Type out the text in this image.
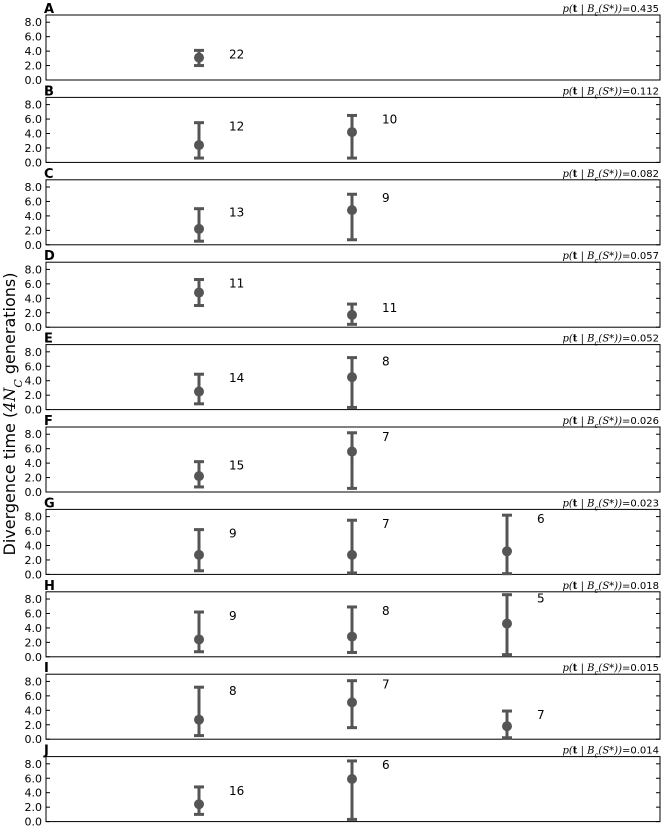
Divergence time ($4N_C$ generations)
A	p(t | $B_c(S*))=0.435$
0.0
2.0
4.0
6.0
8.0
22
B	p(t | $B_c(S*))=0.112$
0.0
2.0
4.0
6.0
8.0
12
10
C	p(t | $B_c(S*))=0.082$
0.0
2.0
4.0
6.0
8.0
13
9
D	p(t | $B_c(S*))=0.057$
0.0
2.0
4.0
6.0
8.0
11
11
E	p(t | $B_c(S*))=0.052$
0.0
2.0
4.0
6.0
8.0
14
8
F	p(t | $B_c(S*))=0.026$
0.0
2.0
4.0
6.0
8.0
15
7
G	p(t | $B_c(S*))=0.023$
0.0
2.0
4.0
6.0
8.0
9
7	6
H	p(t | $B_c(S*))=0.018$
0.0
2.0
4.0
6.0
8.0
9	8
5
I	p(t | $B_c(S*))=0.015$
0.0
2.0
4.0
6.0
8.0
8	7
7
J	p(t | $B_c(S*))=0.014$
0.0
2.0
4.0
6.0
8.0
16
6
